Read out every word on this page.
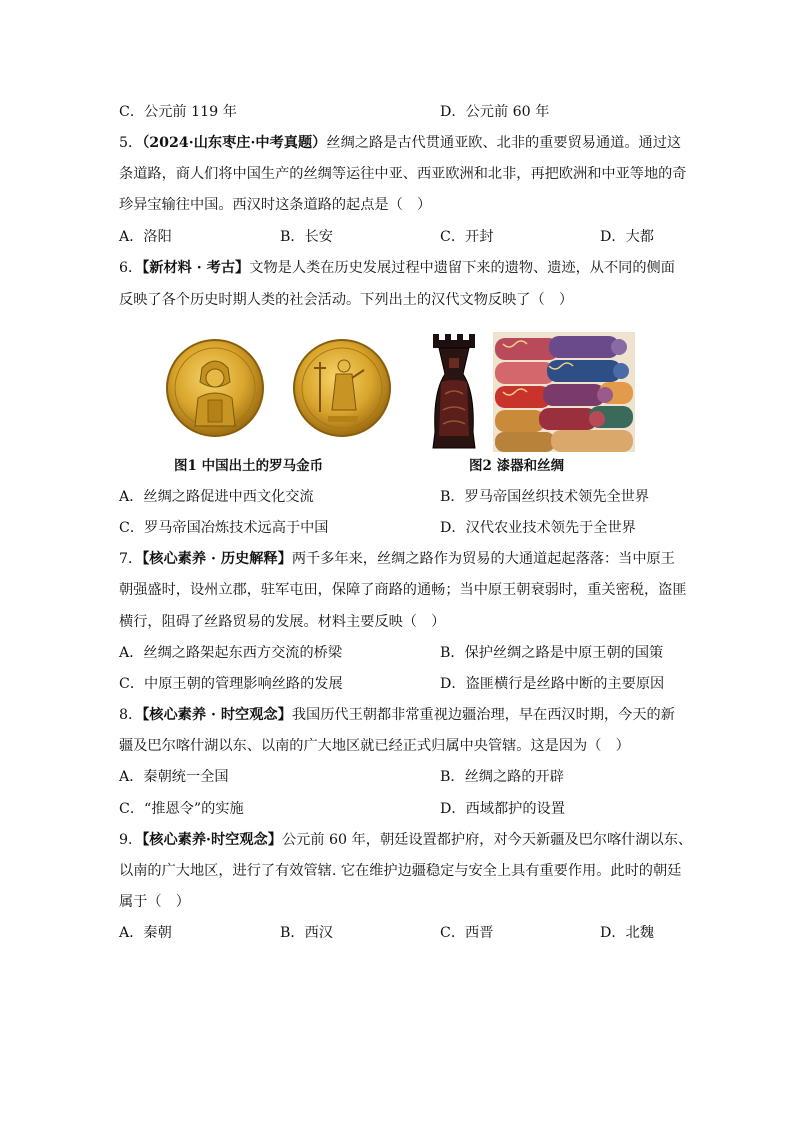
C．公元前 119 年	D．公元前 60 年
5．（2024·山东枣庄·中考真题）丝绸之路是古代贯通亚欧、北非的重要贸易通道。通过这
条道路，商人们将中国生产的丝绸等运往中亚、西亚欧洲和北非，再把欧洲和中亚等地的奇
珍异宝输往中国。西汉时这条道路的起点是（　）
A．洛阳	B．长安	C．开封	D．大都
6．【新材料 · 考古】文物是人类在历史发展过程中遗留下来的遗物、遗迹，从不同的侧面
反映了各个历史时期人类的社会活动。下列出土的汉代文物反映了（　）
图1 中国出土的罗马金币	图2 漆器和丝绸
A．丝绸之路促进中西文化交流	B．罗马帝国丝织技术领先全世界
C．罗马帝国冶炼技术远高于中国	D．汉代农业技术领先于全世界
7．【核心素养 · 历史解释】两千多年来，丝绸之路作为贸易的大通道起起落落：当中原王
朝强盛时，设州立郡，驻军屯田，保障了商路的通畅；当中原王朝衰弱时，重关密税，盗匪
横行，阻碍了丝路贸易的发展。材料主要反映（　）
A．丝绸之路架起东西方交流的桥梁	B．保护丝绸之路是中原王朝的国策
C．中原王朝的管理影响丝路的发展	D．盗匪横行是丝路中断的主要原因
8．【核心素养 · 时空观念】我国历代王朝都非常重视边疆治理，早在西汉时期，今天的新
疆及巴尔喀什湖以东、以南的广大地区就已经正式归属中央管辖。这是因为（　）
A．秦朝统一全国	B．丝绸之路的开辟
C．“推恩令”的实施	D．西域都护的设置
9．【核心素养·时空观念】公元前 60 年，朝廷设置都护府，对今天新疆及巴尔喀什湖以东、
以南的广大地区，进行了有效管辖. 它在维护边疆稳定与安全上具有重要作用。此时的朝廷
属于（　）
A．秦朝	B．西汉	C．西晋	D．北魏
